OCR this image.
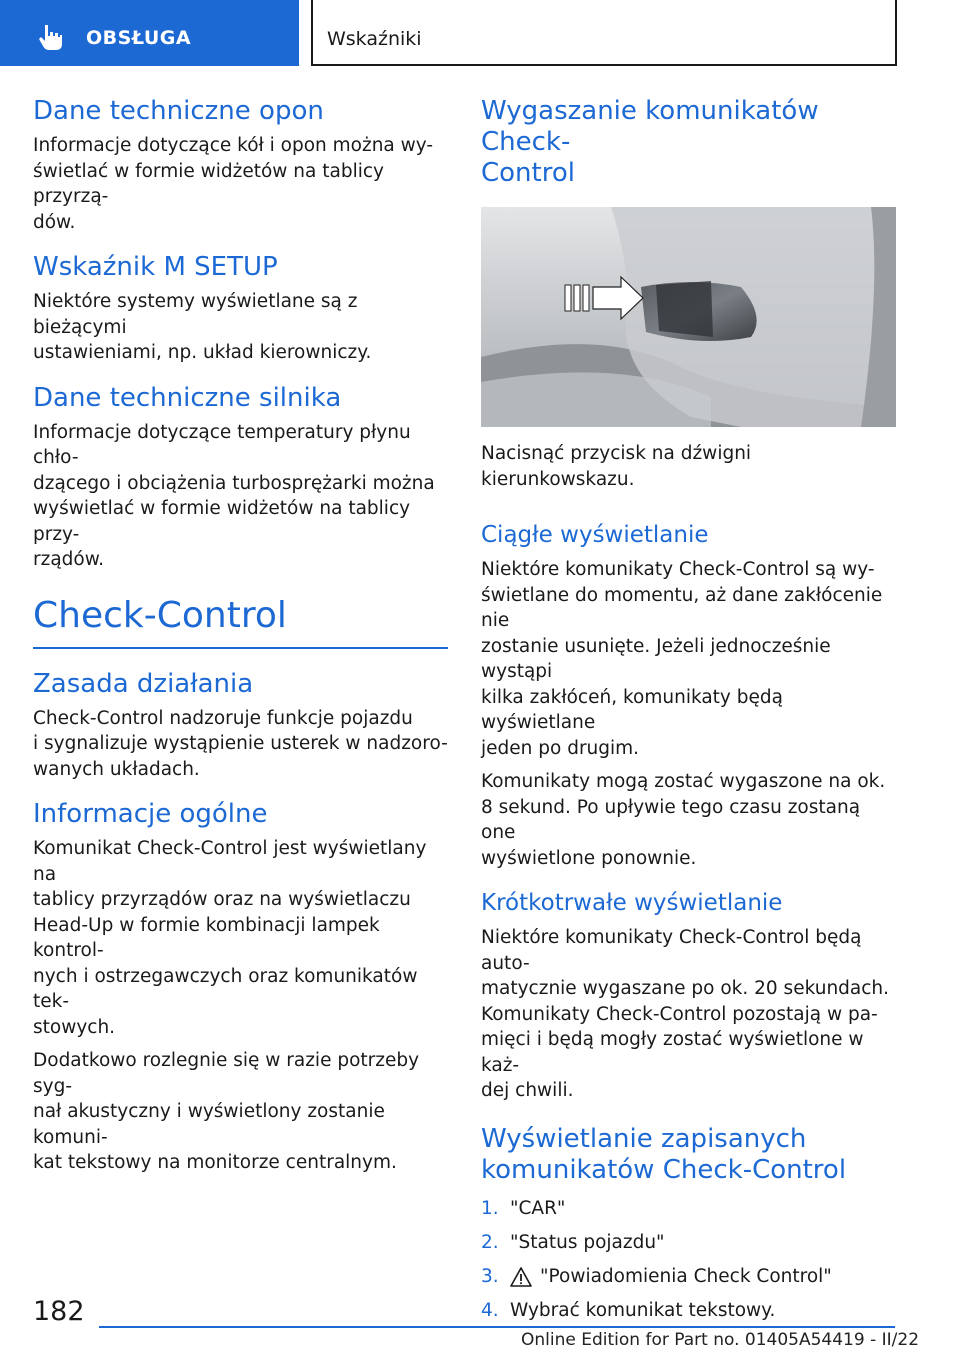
OBSŁUGA	Wskaźniki
Dane techniczne opon

Informacje dotyczące kół i opon można wy-

świetlać w formie widżetów na tablicy przyrzą-

dów.

Wskaźnik M SETUP

Niektóre systemy wyświetlane są z bieżącymi

ustawieniami, np. układ kierowniczy.

Dane techniczne silnika

Informacje dotyczące temperatury płynu chło-

dzącego i obciążenia turbosprężarki można

wyświetlać w formie widżetów na tablicy przy-

rządów.

Check-Control
Zasada działania

Check-Control nadzoruje funkcje pojazdu

i sygnalizuje wystąpienie usterek w nadzoro-

wanych układach.

Informacje ogólne

Komunikat Check-Control jest wyświetlany na

tablicy przyrządów oraz na wyświetlaczu

Head-Up w formie kombinacji lampek kontrol-

nych i ostrzegawczych oraz komunikatów tek-

stowych.

Dodatkowo rozlegnie się w razie potrzeby syg-

nał akustyczny i wyświetlony zostanie komuni-

kat tekstowy na monitorze centralnym.

Wygaszanie komunikatów Check-
Control

Nacisnąć przycisk na dźwigni kierunkowskazu.

Ciągłe wyświetlanie

Niektóre komunikaty Check-Control są wy-

świetlane do momentu, aż dane zakłócenie nie

zostanie usunięte. Jeżeli jednocześnie wystąpi

kilka zakłóceń, komunikaty będą wyświetlane

jeden po drugim.

Komunikaty mogą zostać wygaszone na ok.

8 sekund. Po upływie tego czasu zostaną one

wyświetlone ponownie.

Krótkotrwałe wyświetlanie

Niektóre komunikaty Check-Control będą auto-

matycznie wygaszane po ok. 20 sekundach.

Komunikaty Check-Control pozostają w pa-

mięci i będą mogły zostać wyświetlone w każ-

dej chwili.

Wyświetlanie zapisanych
komunikatów Check-Control
1. "CAR"
2. "Status pojazdu"
3. "Powiadomienia Check Control"
4. Wybrać komunikat tekstowy.
182
Online Edition for Part no. 01405A54419 - II/22
